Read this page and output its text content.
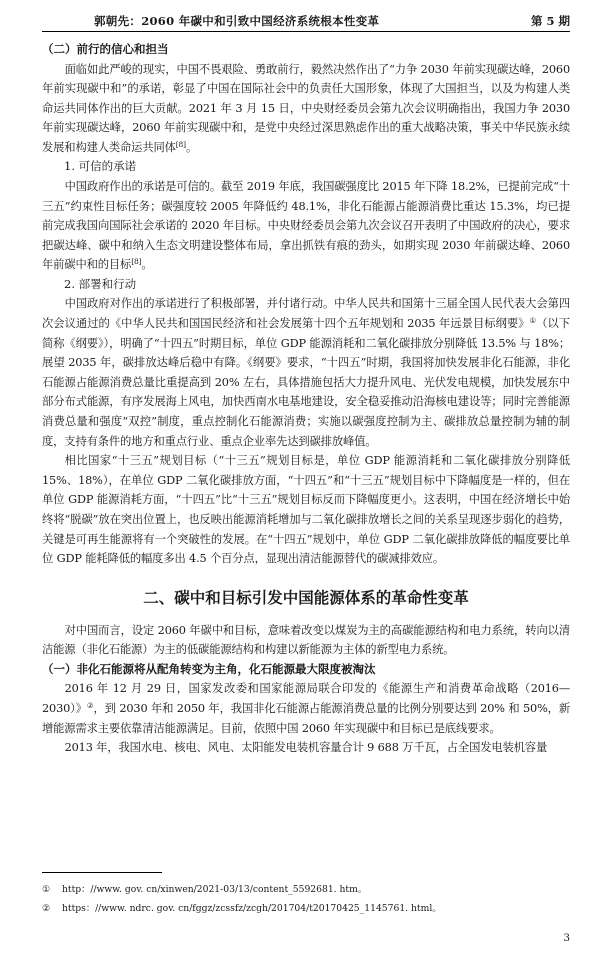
郭朝先：2060 年碳中和引致中国经济系统根本性变革	第 5 期
（二）前行的信心和担当

面临如此严峻的现实，中国不畏艰险、勇敢前行，毅然决然作出了“力争 2030 年前实现碳达峰，2060 年前实现碳中和”的承诺，彰显了中国在国际社会中的负责任大国形象，体现了大国担当，以及为构建人类命运共同体作出的巨大贡献。2021 年 3 月 15 日，中央财经委员会第九次会议明确指出，我国力争 2030 年前实现碳达峰，2060 年前实现碳中和，是党中央经过深思熟虑作出的重大战略决策，事关中华民族永续发展和构建人类命运共同体[8]。

1. 可信的承诺

中国政府作出的承诺是可信的。截至 2019 年底，我国碳强度比 2015 年下降 18.2%，已提前完成“十三五”约束性目标任务；碳强度较 2005 年降低约 48.1%，非化石能源占能源消费比重达 15.3%，均已提前完成我国向国际社会承诺的 2020 年目标。中央财经委员会第九次会议召开表明了中国政府的决心，要求把碳达峰、碳中和纳入生态文明建设整体布局，拿出抓铁有痕的劲头，如期实现 2030 年前碳达峰、2060 年前碳中和的目标[8]。

2. 部署和行动

中国政府对作出的承诺进行了积极部署，并付诸行动。中华人民共和国第十三届全国人民代表大会第四次会议通过的《中华人民共和国国民经济和社会发展第十四个五年规划和 2035 年远景目标纲要》①（以下简称《纲要》），明确了“十四五”时期目标，单位 GDP 能源消耗和二氧化碳排放分别降低 13.5% 与 18%；展望 2035 年，碳排放达峰后稳中有降。《纲要》要求，“十四五”时期，我国将加快发展非化石能源，非化石能源占能源消费总量比重提高到 20% 左右，具体措施包括大力提升风电、光伏发电规模，加快发展东中部分布式能源，有序发展海上风电，加快西南水电基地建设，安全稳妥推动沿海核电建设等；同时完善能源消费总量和强度“双控”制度，重点控制化石能源消费；实施以碳强度控制为主、碳排放总量控制为辅的制度，支持有条件的地方和重点行业、重点企业率先达到碳排放峰值。

相比国家“十三五”规划目标（“十三五”规划目标是，单位 GDP 能源消耗和二氧化碳排放分别降低 15%、18%），在单位 GDP 二氧化碳排放方面，“十四五”和“十三五”规划目标中下降幅度是一样的，但在单位 GDP 能源消耗方面，“十四五”比“十三五”规划目标反而下降幅度更小。这表明，中国在经济增长中始终将“脱碳”放在突出位置上，也反映出能源消耗增加与二氧化碳排放增长之间的关系呈现逐步弱化的趋势，关键是可再生能源将有一个突破性的发展。在“十四五”规划中，单位 GDP 二氧化碳排放降低的幅度要比单位 GDP 能耗降低的幅度多出 4.5 个百分点，显现出清洁能源替代的碳减排效应。

二、碳中和目标引发中国能源体系的革命性变革

对中国而言，设定 2060 年碳中和目标，意味着改变以煤炭为主的高碳能源结构和电力系统，转向以清洁能源（非化石能源）为主的低碳能源结构和构建以新能源为主体的新型电力系统。

（一）非化石能源将从配角转变为主角，化石能源最大限度被淘汰

2016 年 12 月 29 日，国家发改委和国家能源局联合印发的《能源生产和消费革命战略（2016—2030）》②，到 2030 年和 2050 年，我国非化石能源占能源消费总量的比例分别要达到 20% 和 50%，新增能源需求主要依靠清洁能源满足。目前，依照中国 2060 年实现碳中和目标已是底线要求。

2013 年，我国水电、核电、风电、太阳能发电装机容量合计 9 688 万千瓦，占全国发电装机容量

① http：//www. gov. cn/xinwen/2021-03/13/content_5592681. htm。
② https：//www. ndrc. gov. cn/fggz/zcssfz/zcgh/201704/t20170425_1145761. html。
3
